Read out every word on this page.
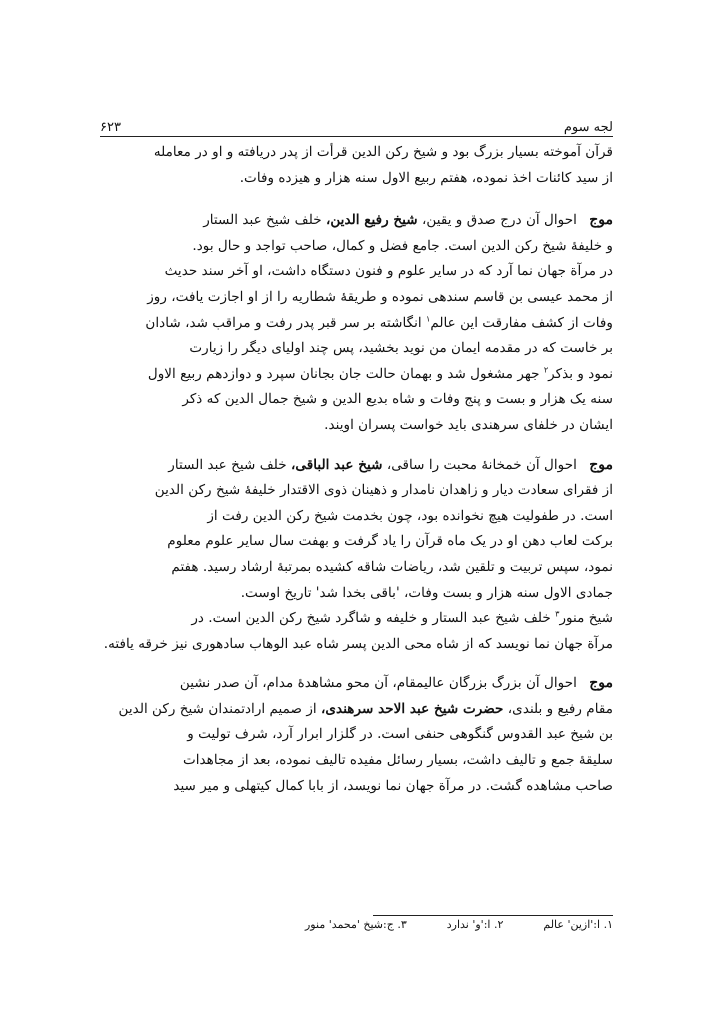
لجه سوم
۶۲۳

قرآن آموخته بسیار بزرگ بود و شیخ رکن الدین قرأت از پدر دریافته و او در معامله
از سید کائنات اخذ نموده، هفتم ربیع الاول سنه هزار و هیزده وفات.

موج احوال آن درج صدق و یقین، شیخ رفیع الدین، خلف شیخ عبد الستار
و خلیفهٔ شیخ رکن الدین است. جامع فضل و کمال، صاحب تواجد و حال بود.
در مرآة جهان نما آرد که در سایر علوم و فنون دستگاه داشت، او آخر سند حدیث
از محمد عیسی بن قاسم سندهی نموده و طریقهٔ شطاریه را از او اجازت یافت، روز
وفات از کشف مفارقت این عالم$^۱$ انگاشته بر سر قبر پدر رفت و مراقب شد، شادان
بر خاست که در مقدمه ایمان من نوید بخشید، پس چند اولیای دیگر را زیارت
نمود و بذکر$^۲$ جهر مشغول شد و بهمان حالت جان بجانان سپرد و دوازدهم ربیع الاول
سنه یک هزار و بست و پنج وفات و شاه بدیع الدین و شیخ جمال الدین که ذکر
ایشان در خلفای سرهندی باید خواست پسران اویند.

موج احوال آن خمخانهٔ محبت را ساقی، شیخ عبد الباقی، خلف شیخ عبد الستار
از فقرای سعادت دیار و زاهدان نامدار و ذهینان ذوی الاقتدار خلیفهٔ شیخ رکن الدین
است. در طفولیت هیچ نخوانده بود، چون بخدمت شیخ رکن الدین رفت از
برکت لعاب دهن او در یک ماه قرآن را یاد گرفت و بهفت سال سایر علوم معلوم
نمود، سپس تربیت و تلقین شد، ریاضات شاقه کشیده بمرتبهٔ ارشاد رسید. هفتم
جمادی الاول سنه هزار و بست وفات، 'باقی بخدا شد' تاریخ اوست.
شیخ منور$^۳$ خلف شیخ عبد الستار و خلیفه و شاگرد شیخ رکن الدین است. در
مرآة جهان نما نویسد که از شاه محی الدین پسر شاه عبد الوهاب سادهوری نیز خرقه یافته.

موج احوال آن بزرگ بزرگان عالیمقام، آن محو مشاهدهٔ مدام، آن صدر نشین
مقام رفیع و بلندی، حضرت شیخ عبد الاحد سرهندی، از صمیم ارادتمندان شیخ رکن الدین
بن شیخ عبد القدوس گنگوهی حنفی است. در گلزار ابرار آرد، شرف تولیت و
سلیقهٔ جمع و تالیف داشت، بسیار رسائل مفیده تالیف نموده، بعد از مجاهدات
صاحب مشاهده گشت. در مرآة جهان نما نویسد، از بابا کمال کیتهلی و میر سید

۱. ا:'ازین' عالم
۲. ا:'و' ندارد
۳. ج:شیخ 'محمد' منور
